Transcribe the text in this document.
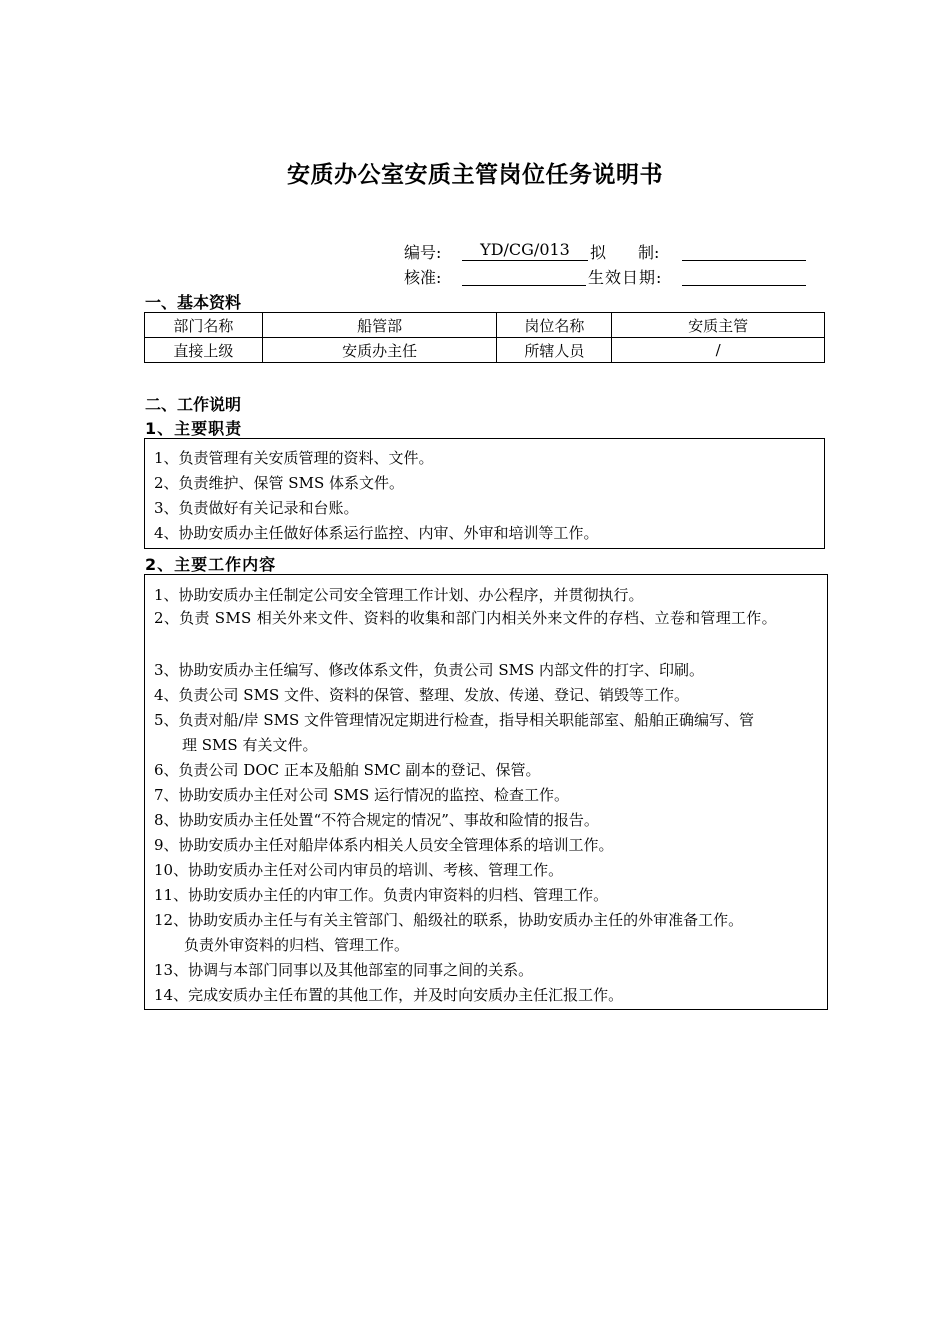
安质办公室安质主管岗位任务说明书
编号:	YD/CG/013	拟　　制:
核准:	生效日期:
一、基本资料
部门名称	船管部	岗位名称	安质主管
直接上级	安质办主任	所辖人员	/
二、工作说明
1、主要职责
1、负责管理有关安质管理的资料、文件。
2、负责维护、保管 SMS 体系文件。
3、负责做好有关记录和台账。
4、协助安质办主任做好体系运行监控、内审、外审和培训等工作。
2、主要工作内容
1、协助安质办主任制定公司安全管理工作计划、办公程序，并贯彻执行。
2、负责 SMS 相关外来文件、资料的收集和部门内相关外来文件的存档、立卷和管理工作。
3、协助安质办主任编写、修改体系文件，负责公司 SMS 内部文件的打字、印刷。
4、负责公司 SMS 文件、资料的保管、整理、发放、传递、登记、销毁等工作。
5、负责对船/岸 SMS 文件管理情况定期进行检查，指导相关职能部室、船舶正确编写、管
理 SMS 有关文件。
6、负责公司 DOC 正本及船舶 SMC 副本的登记、保管。
7、协助安质办主任对公司 SMS 运行情况的监控、检查工作。
8、协助安质办主任处置“不符合规定的情况”、事故和险情的报告。
9、协助安质办主任对船岸体系内相关人员安全管理体系的培训工作。
10、协助安质办主任对公司内审员的培训、考核、管理工作。
11、协助安质办主任的内审工作。负责内审资料的归档、管理工作。
12、协助安质办主任与有关主管部门、船级社的联系，协助安质办主任的外审准备工作。
负责外审资料的归档、管理工作。
13、协调与本部门同事以及其他部室的同事之间的关系。
14、完成安质办主任布置的其他工作，并及时向安质办主任汇报工作。
